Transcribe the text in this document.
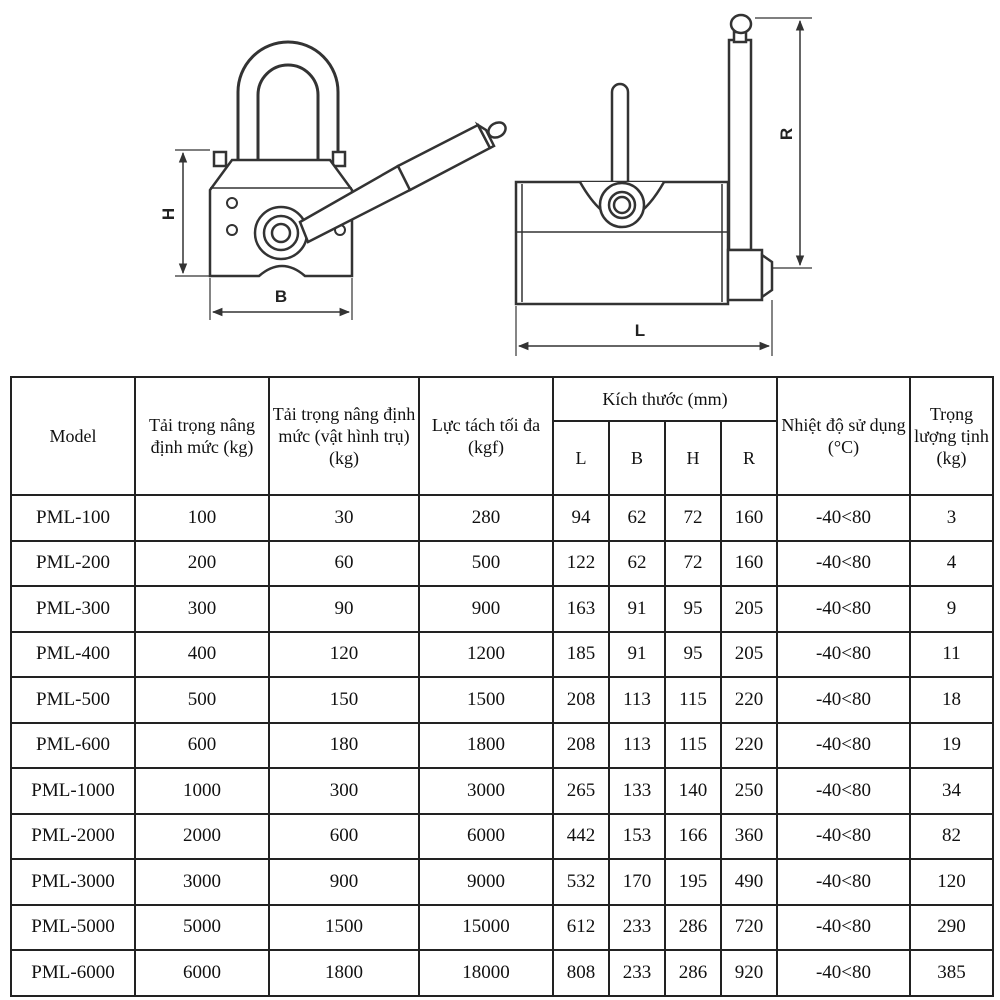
H
B
R
L
Model	Tải trọng nâng định mức (kg)	Tải trọng nâng định mức (vật hình trụ) (kg)	Lực tách tối đa (kgf)	Kích thước (mm)				Nhiệt độ sử dụng (°C)	Trọng lượng tịnh (kg)
				L	B	H	R		
PML-100	100	30	280	94	62	72	160	-40<80	3
PML-200	200	60	500	122	62	72	160	-40<80	4
PML-300	300	90	900	163	91	95	205	-40<80	9
PML-400	400	120	1200	185	91	95	205	-40<80	11
PML-500	500	150	1500	208	113	115	220	-40<80	18
PML-600	600	180	1800	208	113	115	220	-40<80	19
PML-1000	1000	300	3000	265	133	140	250	-40<80	34
PML-2000	2000	600	6000	442	153	166	360	-40<80	82
PML-3000	3000	900	9000	532	170	195	490	-40<80	120
PML-5000	5000	1500	15000	612	233	286	720	-40<80	290
PML-6000	6000	1800	18000	808	233	286	920	-40<80	385
